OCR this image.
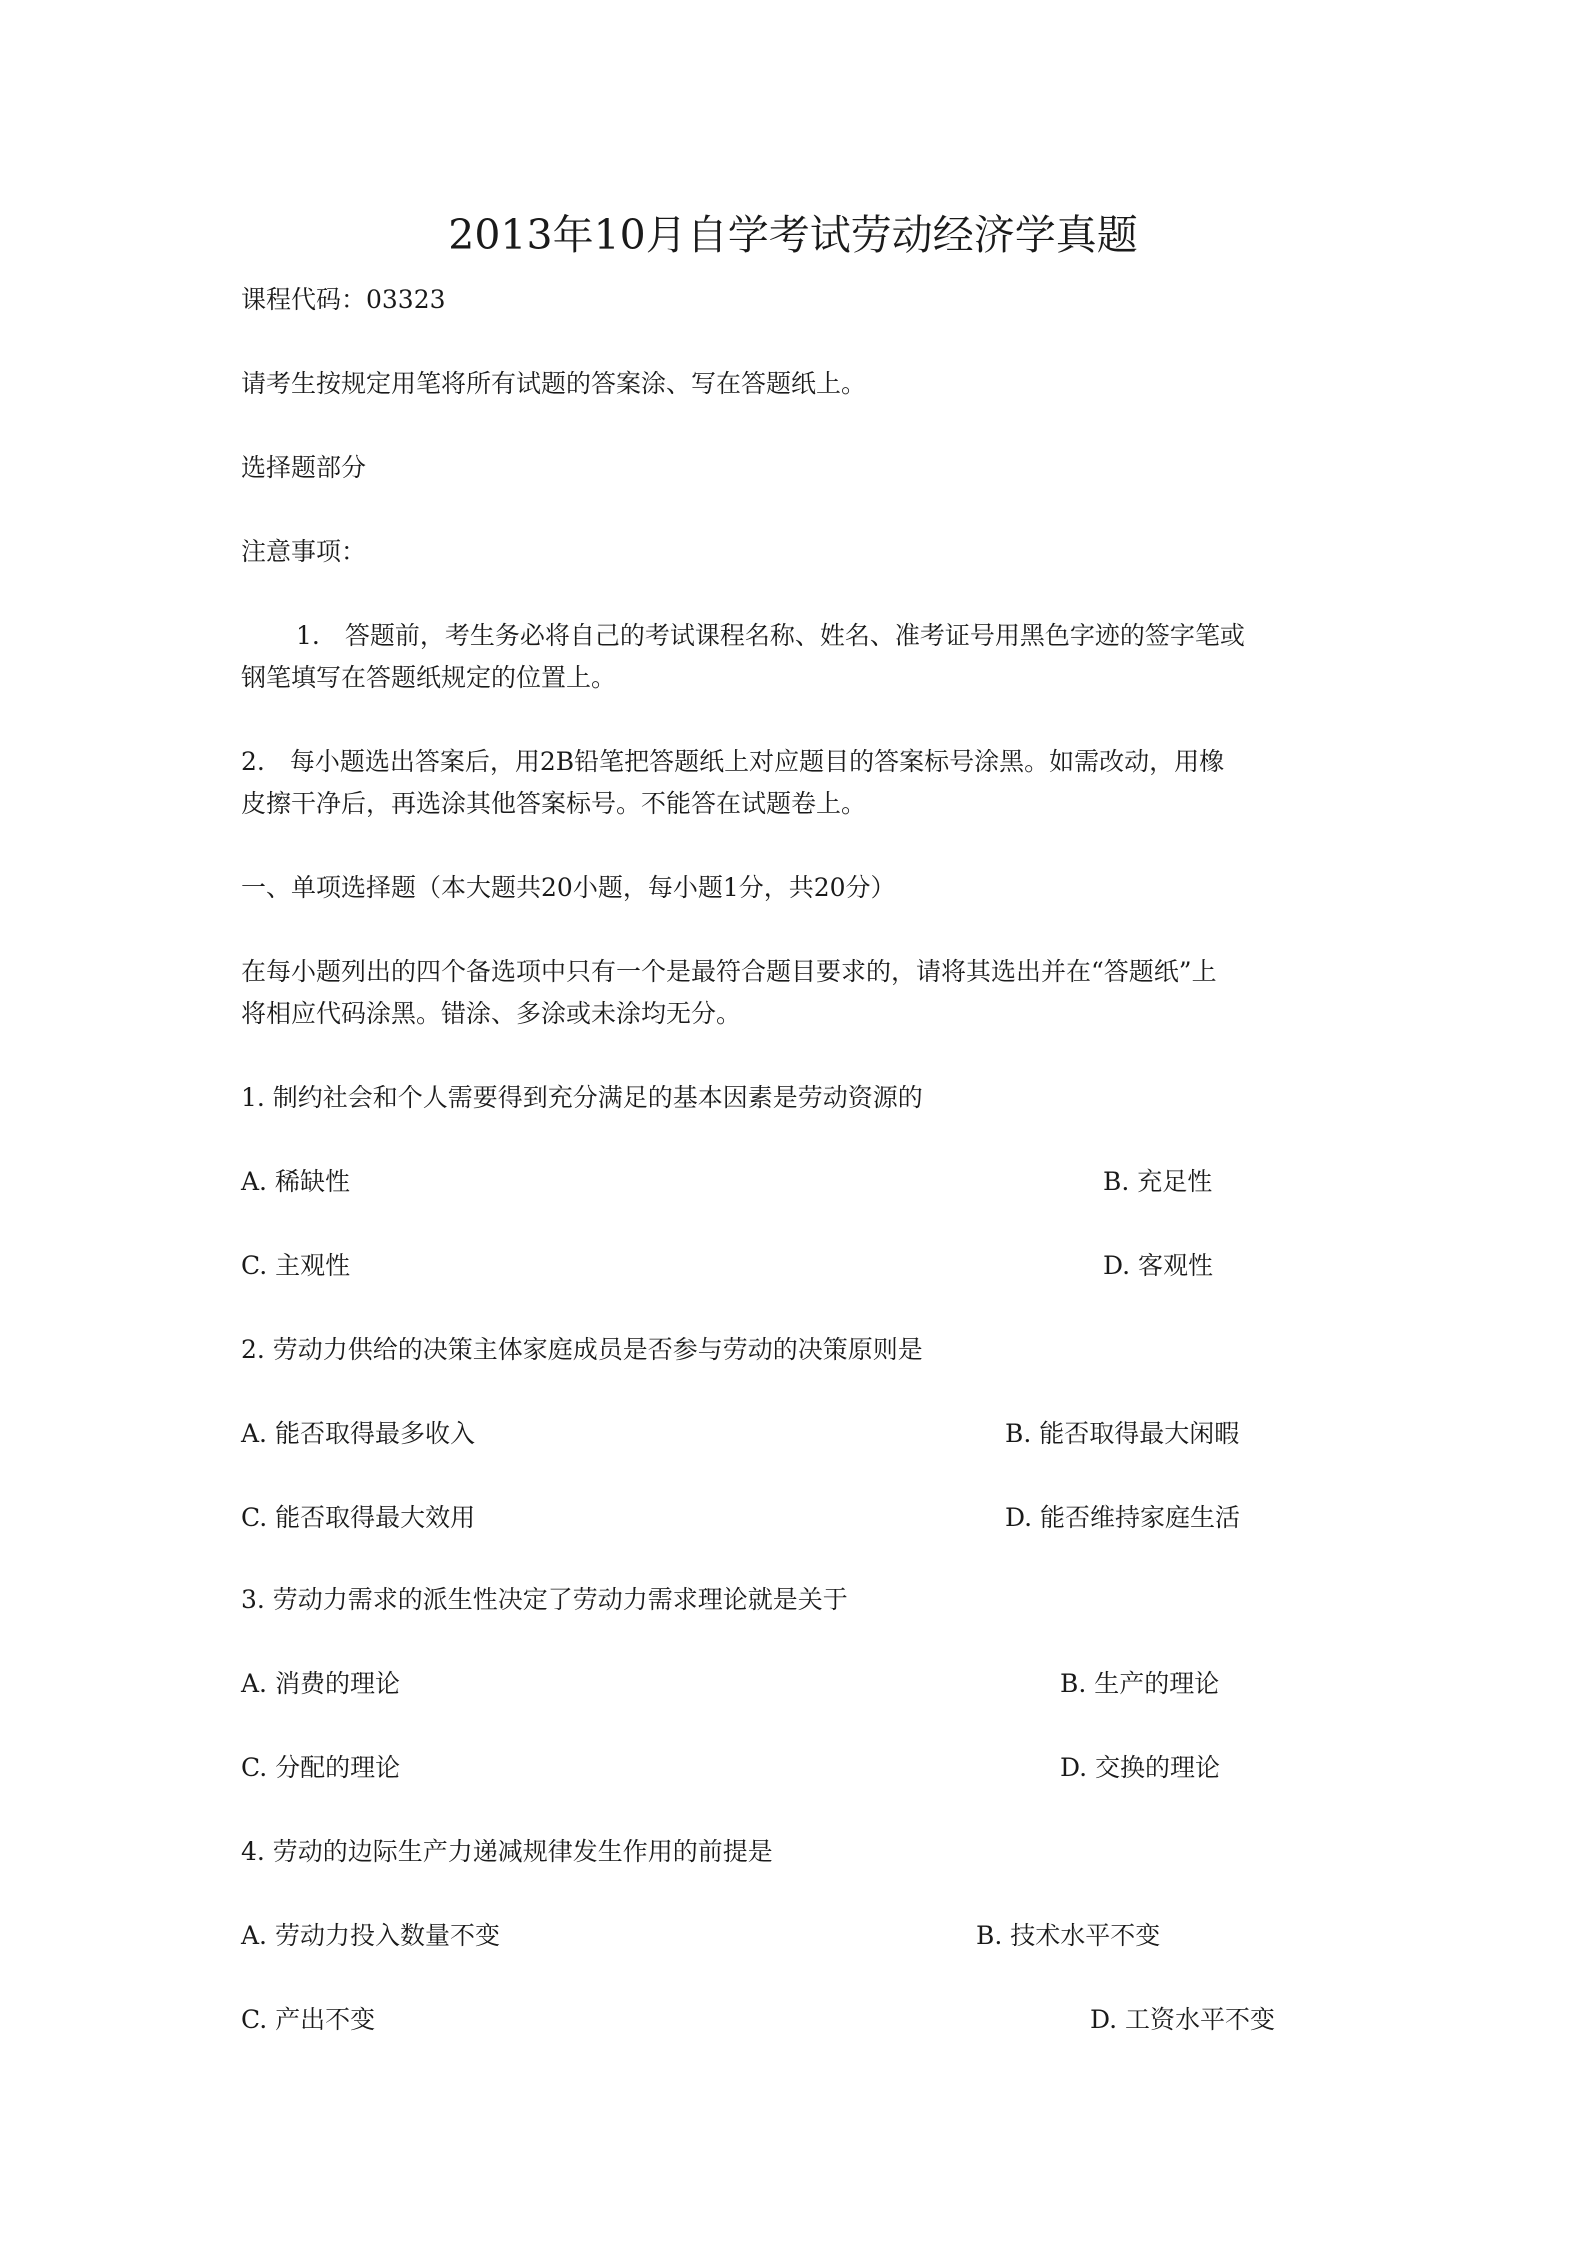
2013年10月自学考试劳动经济学真题
课程代码：03323
请考生按规定用笔将所有试题的答案涂、写在答题纸上。
选择题部分
注意事项：
1.　答题前，考生务必将自己的考试课程名称、姓名、准考证号用黑色字迹的签字笔或
钢笔填写在答题纸规定的位置上。
2.　每小题选出答案后，用2B铅笔把答题纸上对应题目的答案标号涂黑。如需改动，用橡
皮擦干净后，再选涂其他答案标号。不能答在试题卷上。
一、单项选择题（本大题共20小题，每小题1分，共20分）
在每小题列出的四个备选项中只有一个是最符合题目要求的，请将其选出并在“答题纸”上
将相应代码涂黑。错涂、多涂或未涂均无分。
1. 制约社会和个人需要得到充分满足的基本因素是劳动资源的
A. 稀缺性	B. 充足性
C. 主观性	D. 客观性
2. 劳动力供给的决策主体家庭成员是否参与劳动的决策原则是
A. 能否取得最多收入	B. 能否取得最大闲暇
C. 能否取得最大效用	D. 能否维持家庭生活
3. 劳动力需求的派生性决定了劳动力需求理论就是关于
A. 消费的理论	B. 生产的理论
C. 分配的理论	D. 交换的理论
4. 劳动的边际生产力递减规律发生作用的前提是
A. 劳动力投入数量不变	B. 技术水平不变
C. 产出不变	D. 工资水平不变
